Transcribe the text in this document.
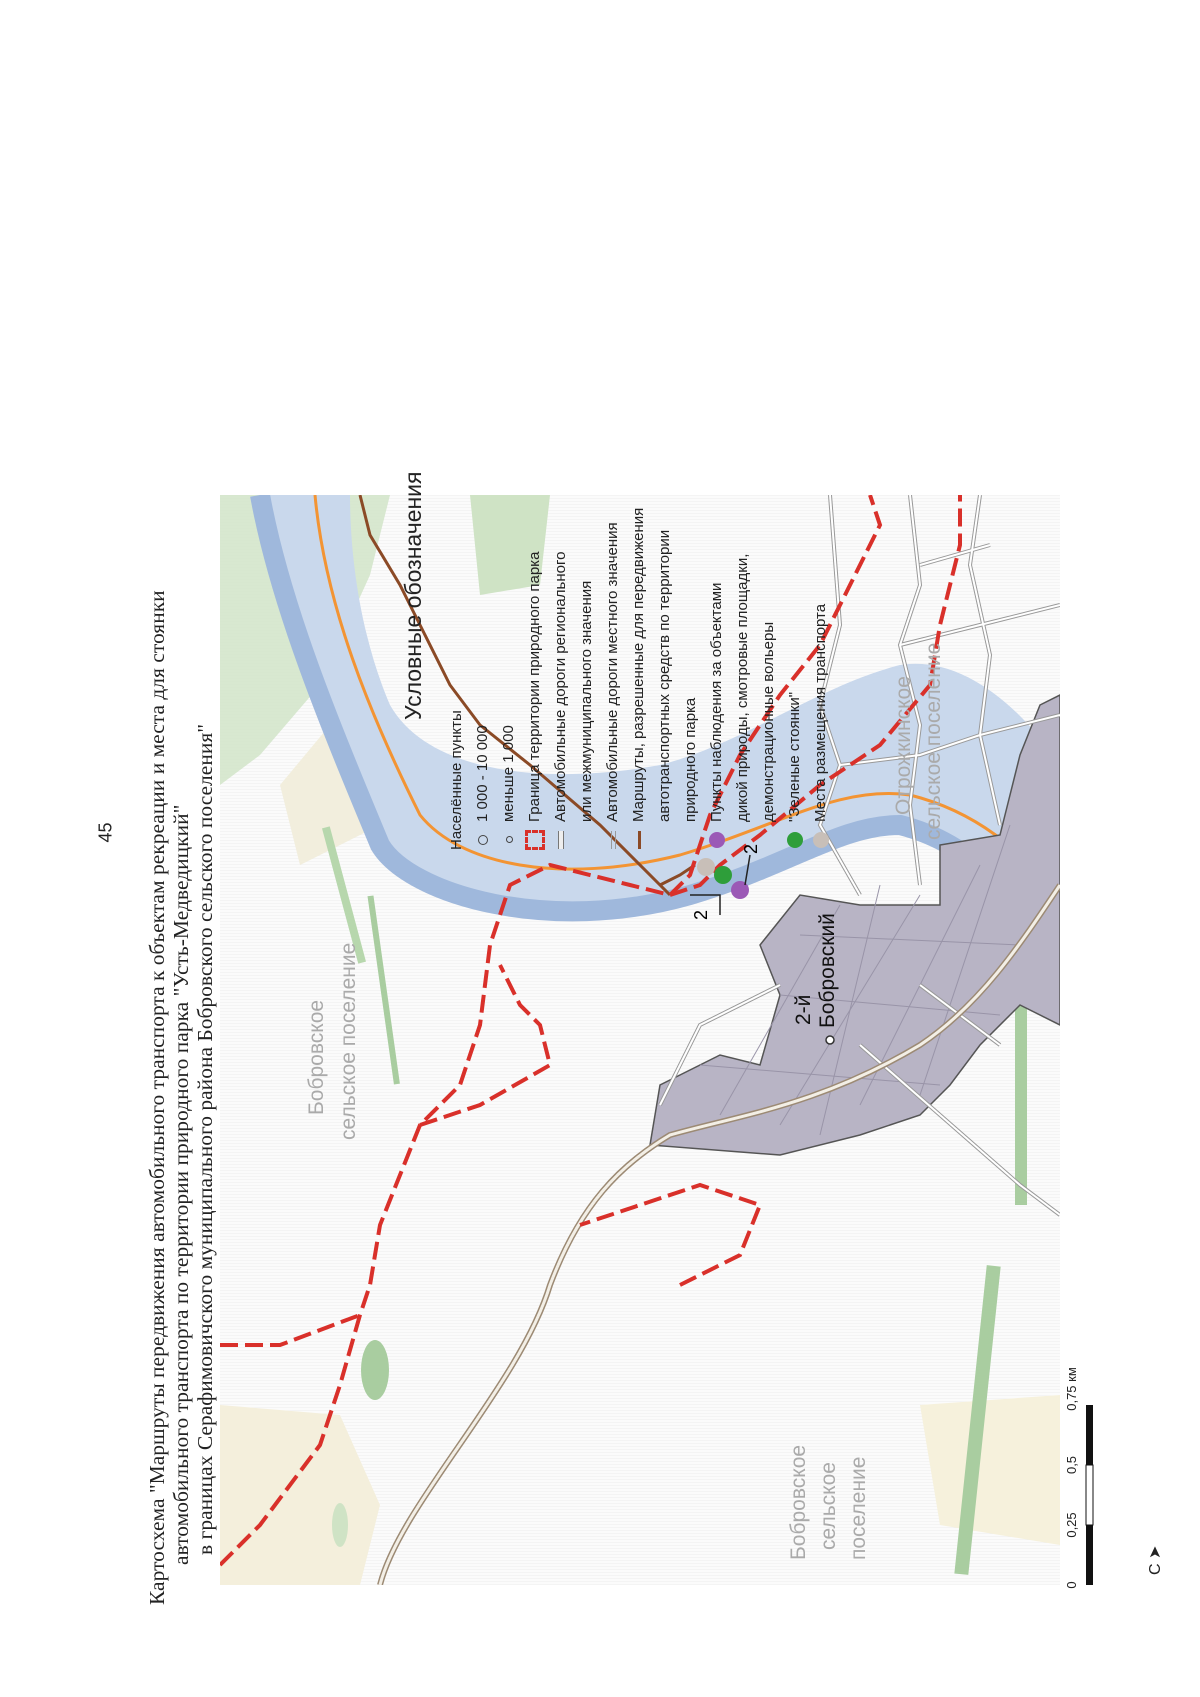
45 Картосхема "Маршруты передвижения автомобильного транспорта к объектам рекреации и места для стоянки автомобильного транспорта по территории природного парка "Усть-Медведицкий" в границах Серафимовичского муниципального района Бобровского сельского поселения"	Бобровское сельское поселение
Отрожкинское сельское поселение
Бобровское сельское поселение
2-й Бобровский
2
2
0
0,25
0,5
0,75 км
С ➤
Условные обозначения
Населённые пункты 1 000 - 10 000 меньше 1 000 Граница территории природного парка Автомобильные дороги регионального или межмуниципального значения Автомобильные дороги местного значения Маршруты, разрешенные для передвижения автотранспортных средств по территории природного парка Пункты наблюдения за объектами дикой природы, смотровые площадки, демонстрационные вольеры "Зеленые стоянки" Места размещения транспорта
